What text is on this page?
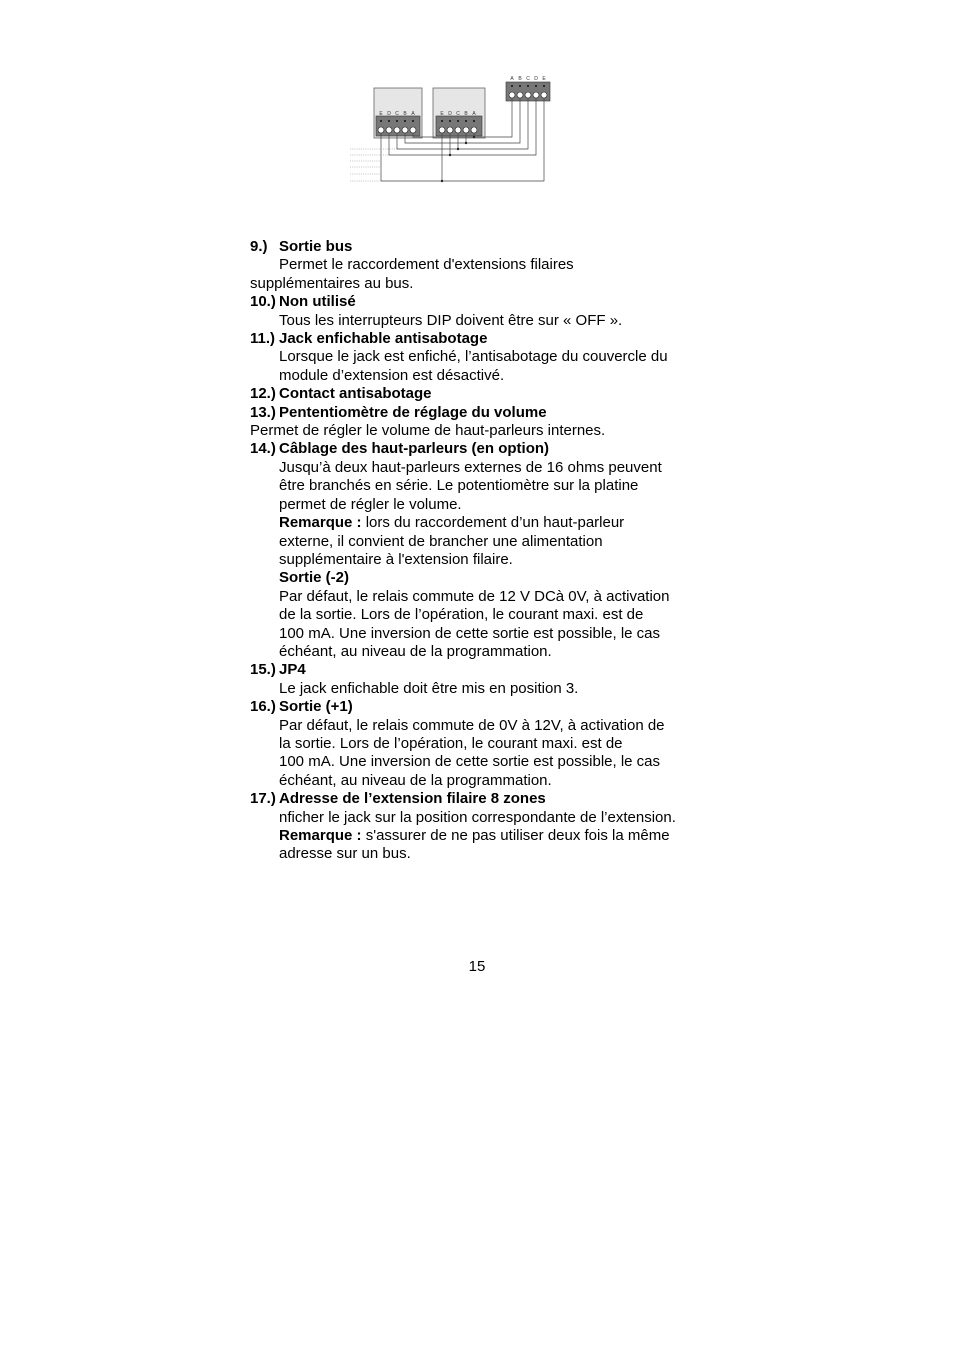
E D C B A	E D C B A
A B C D E
9.) Sortie bus
Permet le raccordement d'extensions filaires
supplémentaires au bus.
10.) Non utilisé
Tous les interrupteurs DIP doivent être sur « OFF ».
11.) Jack enfichable antisabotage
Lorsque le jack est enfiché, l’antisabotage du couvercle du
module d’extension est désactivé.
12.) Contact antisabotage
13.) Pententiomètre de réglage du volume
Permet de régler le volume de haut-parleurs internes.
14.) Câblage des haut-parleurs (en option)
Jusqu’à deux haut-parleurs externes de 16 ohms peuvent
être branchés en série. Le potentiomètre sur la platine
permet de régler le volume.
Remarque : lors du raccordement d’un haut-parleur
externe, il convient de brancher une alimentation
supplémentaire à l'extension filaire.
Sortie (-2)
Par défaut, le relais commute de 12 V DCà 0V, à activation
de la sortie. Lors de l’opération, le courant maxi. est de
100 mA. Une inversion de cette sortie est possible, le cas
échéant, au niveau de la programmation.
15.) JP4
Le jack enfichable doit être mis en position 3.
16.) Sortie (+1)
Par défaut, le relais commute de 0V à 12V, à activation de
la sortie. Lors de l’opération, le courant maxi. est de
100 mA. Une inversion de cette sortie est possible, le cas
échéant, au niveau de la programmation.
17.) Adresse de l’extension filaire 8 zones
nficher le jack sur la position correspondante de l’extension.
Remarque : s'assurer de ne pas utiliser deux fois la même
adresse sur un bus.
15
